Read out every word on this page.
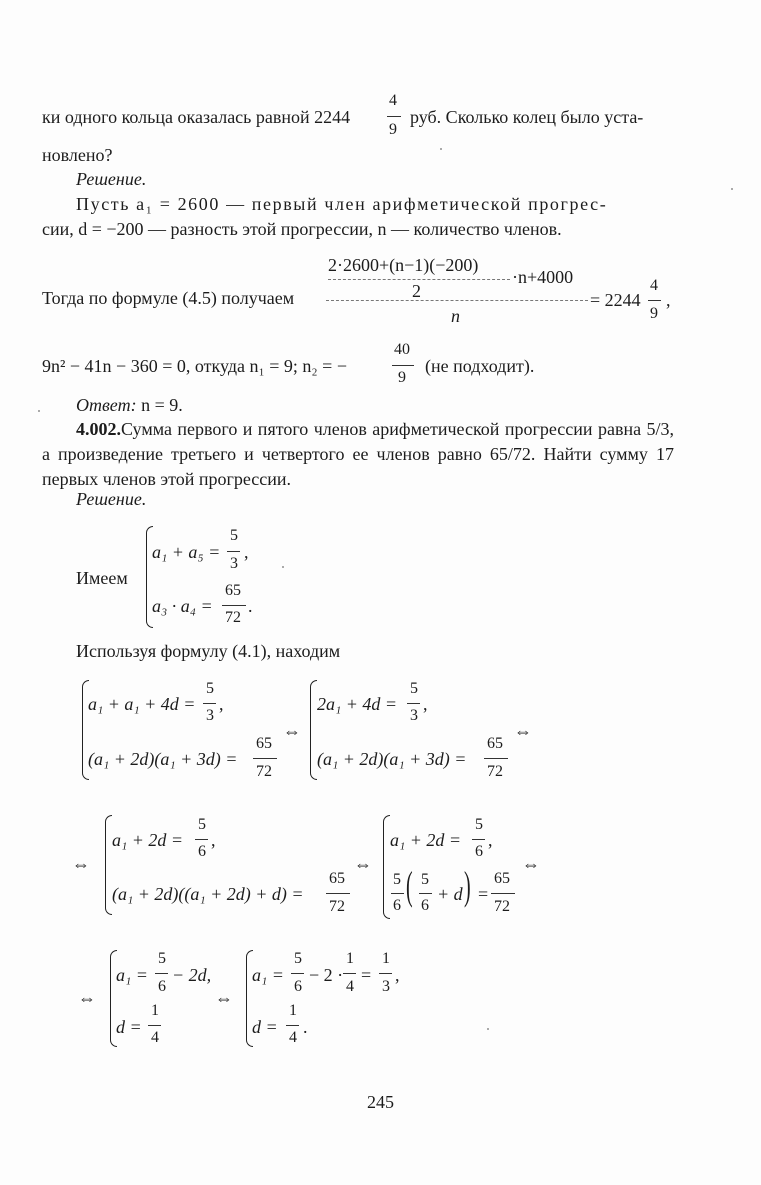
ки одного кольца оказалась равной 2244
4
9
руб. Сколько колец было уста-
новлено?
Решение.
Пусть a₁ = 2600 — первый член арифметической прогрес-
сии, d = −200 — разность этой прогрессии, n — количество членов.
2·2600+(n−1)(−200)
2
·n+4000
Тогда по формуле (4.5) получаем
n
= 2244
4
9
,
9n² − 41n − 360 = 0, откуда n₁ = 9; n₂ = −
40
9
(не подходит).
Ответ: n = 9.
4.002.Сумма первого и пятого членов арифметической прогрессии равна 5/3, а произведение третьего и четвертого ее членов равно 65/72. Найти сумму 17 первых членов этой прогрессии.
Решение.
Имеем
a₁ + a₅ =
5
3
,
a₃ · a₄ =
65
72
.
Используя формулу (4.1), находим
a₁ + a₁ + 4d =
5
3
,
(a₁ + 2d)(a₁ + 3d) =
65
72
⇔
2a₁ + 4d =
5
3
,
(a₁ + 2d)(a₁ + 3d) =
65
72
⇔
⇔
a₁ + 2d =
5
6
,
(a₁ + 2d)((a₁ + 2d) + d) =
65
72
⇔
a₁ + 2d =
5
6
,
5
6 ( 5
6
+ d ) =
65
72
⇔
⇔
a₁ =
5
6
− 2d,
d =
1
4
⇔
a₁ =
5
6
− 2 ·
1
4
=
1
3
,
d =
1
4
.
245
